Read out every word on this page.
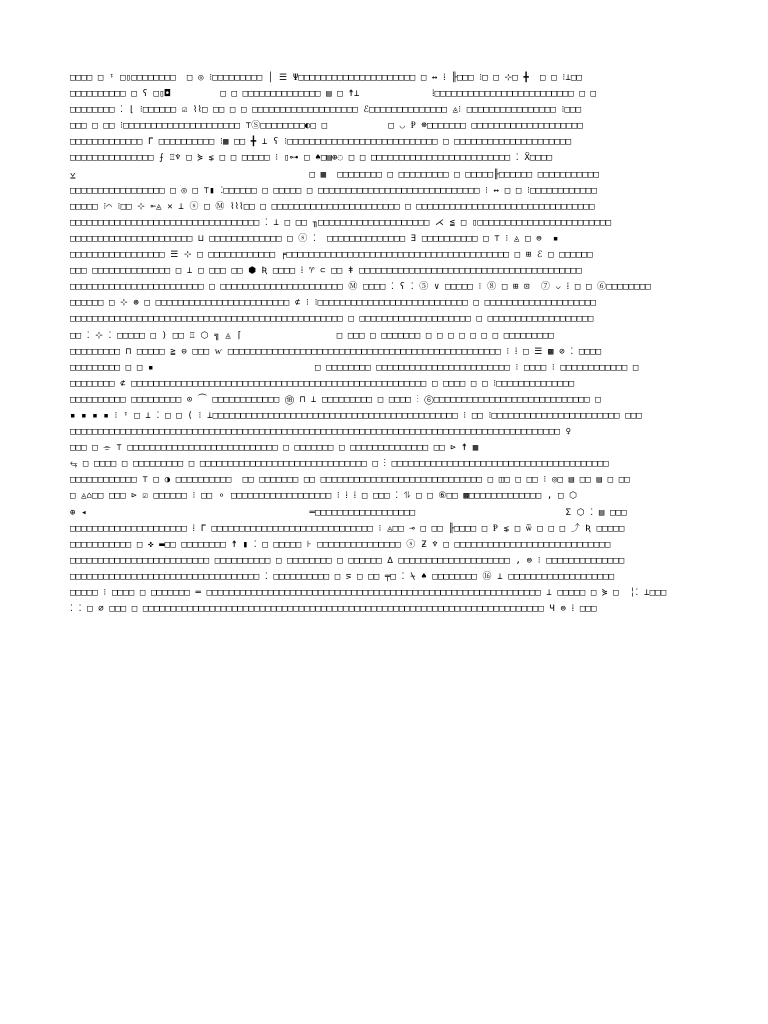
□□□□ □ ᵎ □▯□□□□□□□□  □ ◎ ⁝□□□□□□□□□ │ ☰ Ψ□□□□□□□□□□□□□□□□□□□□□ □ ↔ ⁞ ╟□□□ ⁝□ □ ⊹□ ╋  □ □ ⁝⊥□□
□□□□□□□□□□ □ ʕ □▯◘         □ □ □□□□□□□□□□□□□□ ▤ □ ☨⊥             ⁞□□□□□□□□□□□□□□□□□□□□□□□□□ □ □
□□□□□□□□ ⁚ ⌊ ⁝□□□□□□ ☑ ⌇⌇□ □□ □ □ □□□□□□□□□□□□□□□□□□□ ℰ□□□□□□□□□□□□□□ ◬⁝ □□□□□□□□□□□□□□□□ ⁝□□□
□□□ □ □□ ⁝□□□□□□□□□□□□□□□□□□□□□ ⊤Ⓢ□□□□□□□□◐□ □           □ ◡ Ᵽ ☸□□□□□□□ □□□□□□□□□□□□□□□□□□□□
□□□□□□□□□□□□□ ᒥ □□□□□□□□□□ ⁝▦ □□ ╋ ⟂ ʕ ⁝□□□□□□□□□□□□□□□□□□□□□□□□□□□ □ □□□□□□□□□□□□□□□□□□□□□
□□□□□□□□□□□□□□□ ⨍ ♖♆ □ ⋟ ⋦ □ □ □□□□□ ⁝ ▯⊶ □ ♠□▤⊕◌ □ □ □□□□□□□□□□□□□□□□□□□□□□□□□ ⁚ Ẍ□□□□
⩣                                          □ ▦  □□□□□□□□ □ □□□□□□□□□ □ □□□□□╟□□□□□□ □□□□□□□□□□□
□□□□□□□□□□□□□□□□□ □ ◎ □ ⊤▮ ⁚□□□□□□ □ □□□□□ □ □□□□□□□□□□□□□□□□□□□□□□□□□□□□□ ⁝ ↔ □ □ ⁝□□□□□□□□□□□□
□□□□□ ⁝⌒ ⁝□□ ⊹ ⟜◬ ✕ ⊥ ⓢ □ Ⓜ ⌇⌇⌇□□ □ □□□□□□□□□□□□□□□□□□□□□□□ □ □□□□□□□□□□□□□□□□□□□□□□□□□□□□□□□□
□□□□□□□□□□□□□□□□□□□□□□□□□□□□□□□□□□ ⁚ ⊥ □ □□ ╖□□□□□□□□□□□□□□□□□□□□ ⋌ ≦ □ ▯□□□□□□□□□□□□□□□□□□□□□□□□
□□□□□□□□□□□□□□□□□□□□□□ ⊔ □□□□□□□□□□□□□ □ ⓢ ⁚  □□□□□□□□□□□□□□ ∃ □□□□□□□□□□ □ ⊤ ⁝ ◬ □ ⊜  ▪
□□□□□□□□□□□□□□□□□ ☰ ⊹ □ □□□□□□□□□□□□ ╒□□□□□□□□□□□□□□□□□□□□□□□□□□□□□□□□□□□□□□□□ □ ⊞ ℰ □ □□□□□□
□□□ □□□□□□□□□□□□□□ □ ⊥ □ □□□ □□ ⬢ Ʀ □□□□ ⁞ ♈ ⊂ □□ ǂ □□□□□□□□□□□□□□□□□□□□□□□□□□□□□□□□□□□□□□□□
□□□□□□□□□□□□□□□□□□□□□□□□ □ □□□□□□□□□□□□□□□□□□□□□□ Ⓜ □□□□ ⁚ ʕ ⁚ ⑤ ∨ □□□□□ ⁝ ⑧ □ ⊞ ⊡  ⑦ ⌵ ⁞ □ □ ⑥□□□□□□□□
□□□□□□ □ ⊹ ⊛ □ □□□□□□□□□□□□□□□□□□□□□□□□ ⊄ ⁝ ⁝□□□□□□□□□□□□□□□□□□□□□□□□□□□ □ □□□□□□□□□□□□□□□□□□□□
□□□□□□□□□□□□□□□□□□□□□□□□□□□□□□□□□□□□□□□□□□□□□□□□□ □ □□□□□□□□□□□□□□□□□□□□ □ □□□□□□□□□□□□□□□□□□□
□□ ⁚ ⊹ ⁚ □□□□□ □ ) □□ ♖ ⬡ ╗ ◬ ⌈                 □ □□□ □ □□□□□□□ □ □ □ □ □ □ □ □□□□□□□□□
□□□□□□□□□ ⊓ □□□□□ ≧ ⊖ □□□ ⱳ □□□□□□□□□□□□□□□□□□□□□□□□□□□□□□□□□□□□□□□□□□□□□□□□□ ⁝ ⁞ □ ☰ ▩ ⊘ ⁚ □□□□
□□□□□□□□□ □ □ ▪                             □ □□□□□□□□ □□□□□□□□□□□□□□□□□□□□□□□□ ⁝ □□□□ ⁝ □□□□□□□□□□□□ □
□□□□□□□□ ⊄ □□□□□□□□□□□□□□□□□□□□□□□□□□□□□□□□□□□□□□□□□□□□□□□□□□□□□ □ □□□□ □ □ ⁝□□□□□□□□□□□□□□
□□□□□□□□□□ □□□□□□□□□ ⊙ ⏜ □□□□□□□□□□□□ ⑱ ⊓ ⊥ □□□□□□□□□ □ □□□□ ⁝ ⑥□□□□□□□□□□□□□□□□□□□□□□□□□□□□ □
▪ ▪ ▪ ▪ ⁝ ᵎ □ ⊥ ⁚ □ □ ( ⁝ ⊥□□□□□□□□□□□□□□□□□□□□□□□□□□□□□□□□□□□□□□□□□□□□ ⁝ □□ ⁝□□□□□□□□□□□□□□□□□□□□□□□ □□□
□□□□□□□□□□□□□□□□□□□□□□□□□□□□□□□□□□□□□□□□□□□□□□□□□□□□□□□□□□□□□□□□□□□□□□□□□□□□□□□□□□□□□□□□ ♀
□□□ □ ⌯ ⊤ □□□□□□□□□□□□□□□□□□□□□□□□□□□ □ □□□□□□□ □ □□□□□□□□□□□□□□ □□ ⊳ ☨ ▦
⥃ □ □□□□ □ □□□□□□□□□ □ □□□□□□□□□□□□□□□□□□□□□□□□□□□□□□ □ ⁝ □□□□□□□□□□□□□□□□□□□□□□□□□□□□□□□□□□□□□□□
□□□□□□□□□□□□ ⊤ □ ◑ □□□□□□□□□□  □□ □□□□□□□ □□ □□□□□□□□□□□□□□□□□□□□□□□□□□□□□ □ ◫□ □ □□ ⁝ ◎□ ▤ □□ ▤ □ □□
□ ◬⌂□□ □□□ ⊳ ☑ □□□□□□ ⁝ □□ ⚬ □□□□□□□□□□□□□□□□□□ ⁝ ⁞ ⁞ □ □□□ ⁚ ⥮ □ □ ⑥□□ ▩□□□□□□□□□□□□□ , □ ⬡
⊕ ◂                                        ═□□□□□□□□□□□□□□□□□□                           Σ ⬡ ⁚ ▤ □□□
□□□□□□□□□□□□□□□□□□□□□ ⁞ ᒥ □□□□□□□□□□□□□□□□□□□□□□□□□□□□□ ⁝ ◬□□ ⊸ □ □□ ╟□□□□ □ Ᵽ ⋦ □ ѿ □ □ □ ⤴ Ʀ □□□□□
□□□□□□□□□□□ □ ✜ ▬□□ □□□□□□□□ ☨ ▮ ⁚ □ □□□□□ ⊦ □□□□□□□□□□□□□□□ ⓢ Ƶ ♆ □ □□□□□□□□□□□□□□□□□□□□□□□□□□□□
□□□□□□□□□□□□□□□□□□□□□□□□□ □□□□□□□□□□ □ □□□□□□□□ □ □□□□□□ ∆ □□□□□□□□□□□□□□□□□□□□ , ⊜ ⁝ □□□□□□□□□□□□□□
□□□□□□□□□□□□□□□□□□□□□□□□□□□□□□□□□□ ⁚ □□□□□□□□□□ □ ⋝ □ □□ ╤□ ⁚ ⍀ ♠ □□□□□□□□ ⑯ ⊥ □□□□□□□□□□□□□□□□□□□
□□□□□ ⁝ □□□□ □ □□□□□□□ ═ □□□□□□□□□□□□□□□□□□□□□□□□□□□□□□□□□□□□□□□□□□□□□□□□□□□□□□□□□□□□ ⊥ □□□□□ □ ⋟ □  ╎⁚ ⊥□□□
⁚ ⁚ □ ⌀ □□□ □ □□□□□□□□□□□□□□□□□□□□□□□□□□□□□□□□□□□□□□□□□□□□□□□□□□□□□□□□□□□□□□□□□□□□□□□□ Ч ⊜ ⁞ □□□
